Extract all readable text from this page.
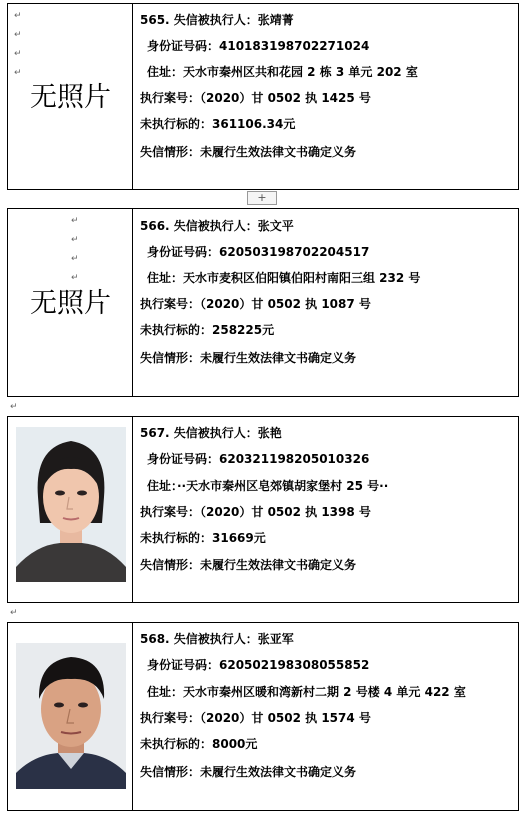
↵
↵
↵
↵
无照片
565. 失信被执行人：张靖菁
身份证号码：410183198702271024
住址：天水市秦州区共和花园 2 栋 3 单元 202 室
执行案号：（2020）甘 0502 执 1425 号
未执行标的：361106.34元
失信情形：未履行生效法律文书确定义务
+
↵
↵
↵
↵
无照片
566. 失信被执行人：张文平
身份证号码：620503198702204517
住址：天水市麦积区伯阳镇伯阳村南阳三组 232 号
执行案号：（2020）甘 0502 执 1087 号
未执行标的：258225元
失信情形：未履行生效法律文书确定义务
↵
567. 失信被执行人：张艳
身份证号码：620321198205010326
住址：··天水市秦州区皂郊镇胡家堡村 25 号··
执行案号：（2020）甘 0502 执 1398 号
未执行标的：31669元
失信情形：未履行生效法律文书确定义务
↵
568. 失信被执行人：张亚军
身份证号码：620502198308055852
住址：天水市秦州区暖和湾新村二期 2 号楼 4 单元 422 室
执行案号：（2020）甘 0502 执 1574 号
未执行标的：8000元
失信情形：未履行生效法律文书确定义务
